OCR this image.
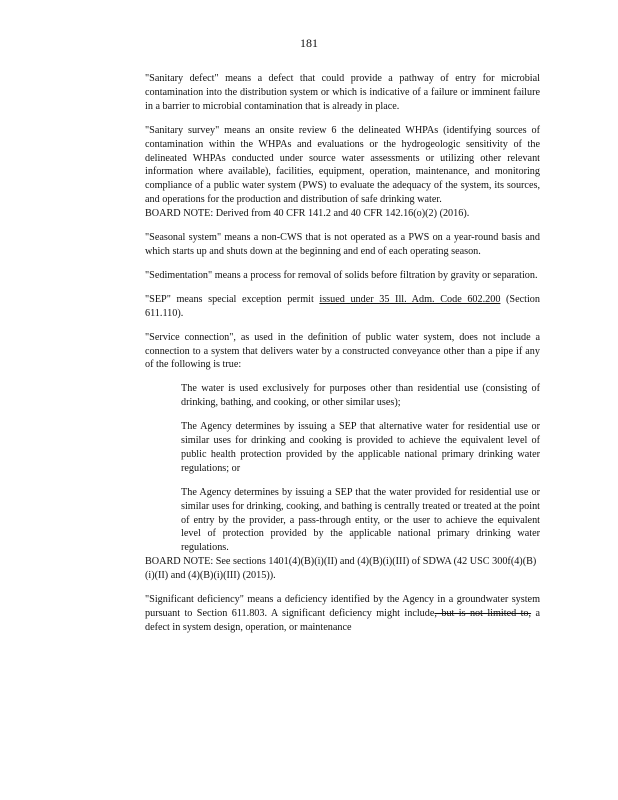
181

"Sanitary defect" means a defect that could provide a pathway of entry for microbial contamination into the distribution system or which is indicative of a failure or imminent failure in a barrier to microbial contamination that is already in place.

"Sanitary survey" means an onsite review 6 the delineated WHPAs (identifying sources of contamination within the WHPAs and evaluations or the hydrogeologic sensitivity of the delineated WHPAs conducted under source water assessments or utilizing other relevant information where available), facilities, equipment, operation, maintenance, and monitoring compliance of a public water system (PWS) to evaluate the adequacy of the system, its sources, and operations for the production and distribution of safe drinking water.

BOARD NOTE: Derived from 40 CFR 141.2 and 40 CFR 142.16(o)(2) (2016).

"Seasonal system" means a non-CWS that is not operated as a PWS on a year-round basis and which starts up and shuts down at the beginning and end of each operating season.

"Sedimentation" means a process for removal of solids before filtration by gravity or separation.

"SEP" means special exception permit issued under 35 Ill. Adm. Code 602.200 (Section 611.110).

"Service connection", as used in the definition of public water system, does not include a connection to a system that delivers water by a constructed conveyance other than a pipe if any of the following is true:

The water is used exclusively for purposes other than residential use (consisting of drinking, bathing, and cooking, or other similar uses);

The Agency determines by issuing a SEP that alternative water for residential use or similar uses for drinking and cooking is provided to achieve the equivalent level of public health protection provided by the applicable national primary drinking water regulations; or

The Agency determines by issuing a SEP that the water provided for residential use or similar uses for drinking, cooking, and bathing is centrally treated or treated at the point of entry by the provider, a pass-through entity, or the user to achieve the equivalent level of protection provided by the applicable national primary drinking water regulations.

BOARD NOTE: See sections 1401(4)(B)(i)(II) and (4)(B)(i)(III) of SDWA (42 USC 300f(4)(B)(i)(II) and (4)(B)(i)(III) (2015)).

"Significant deficiency" means a deficiency identified by the Agency in a groundwater system pursuant to Section 611.803. A significant deficiency might include, but is not limited to, a defect in system design, operation, or maintenance
